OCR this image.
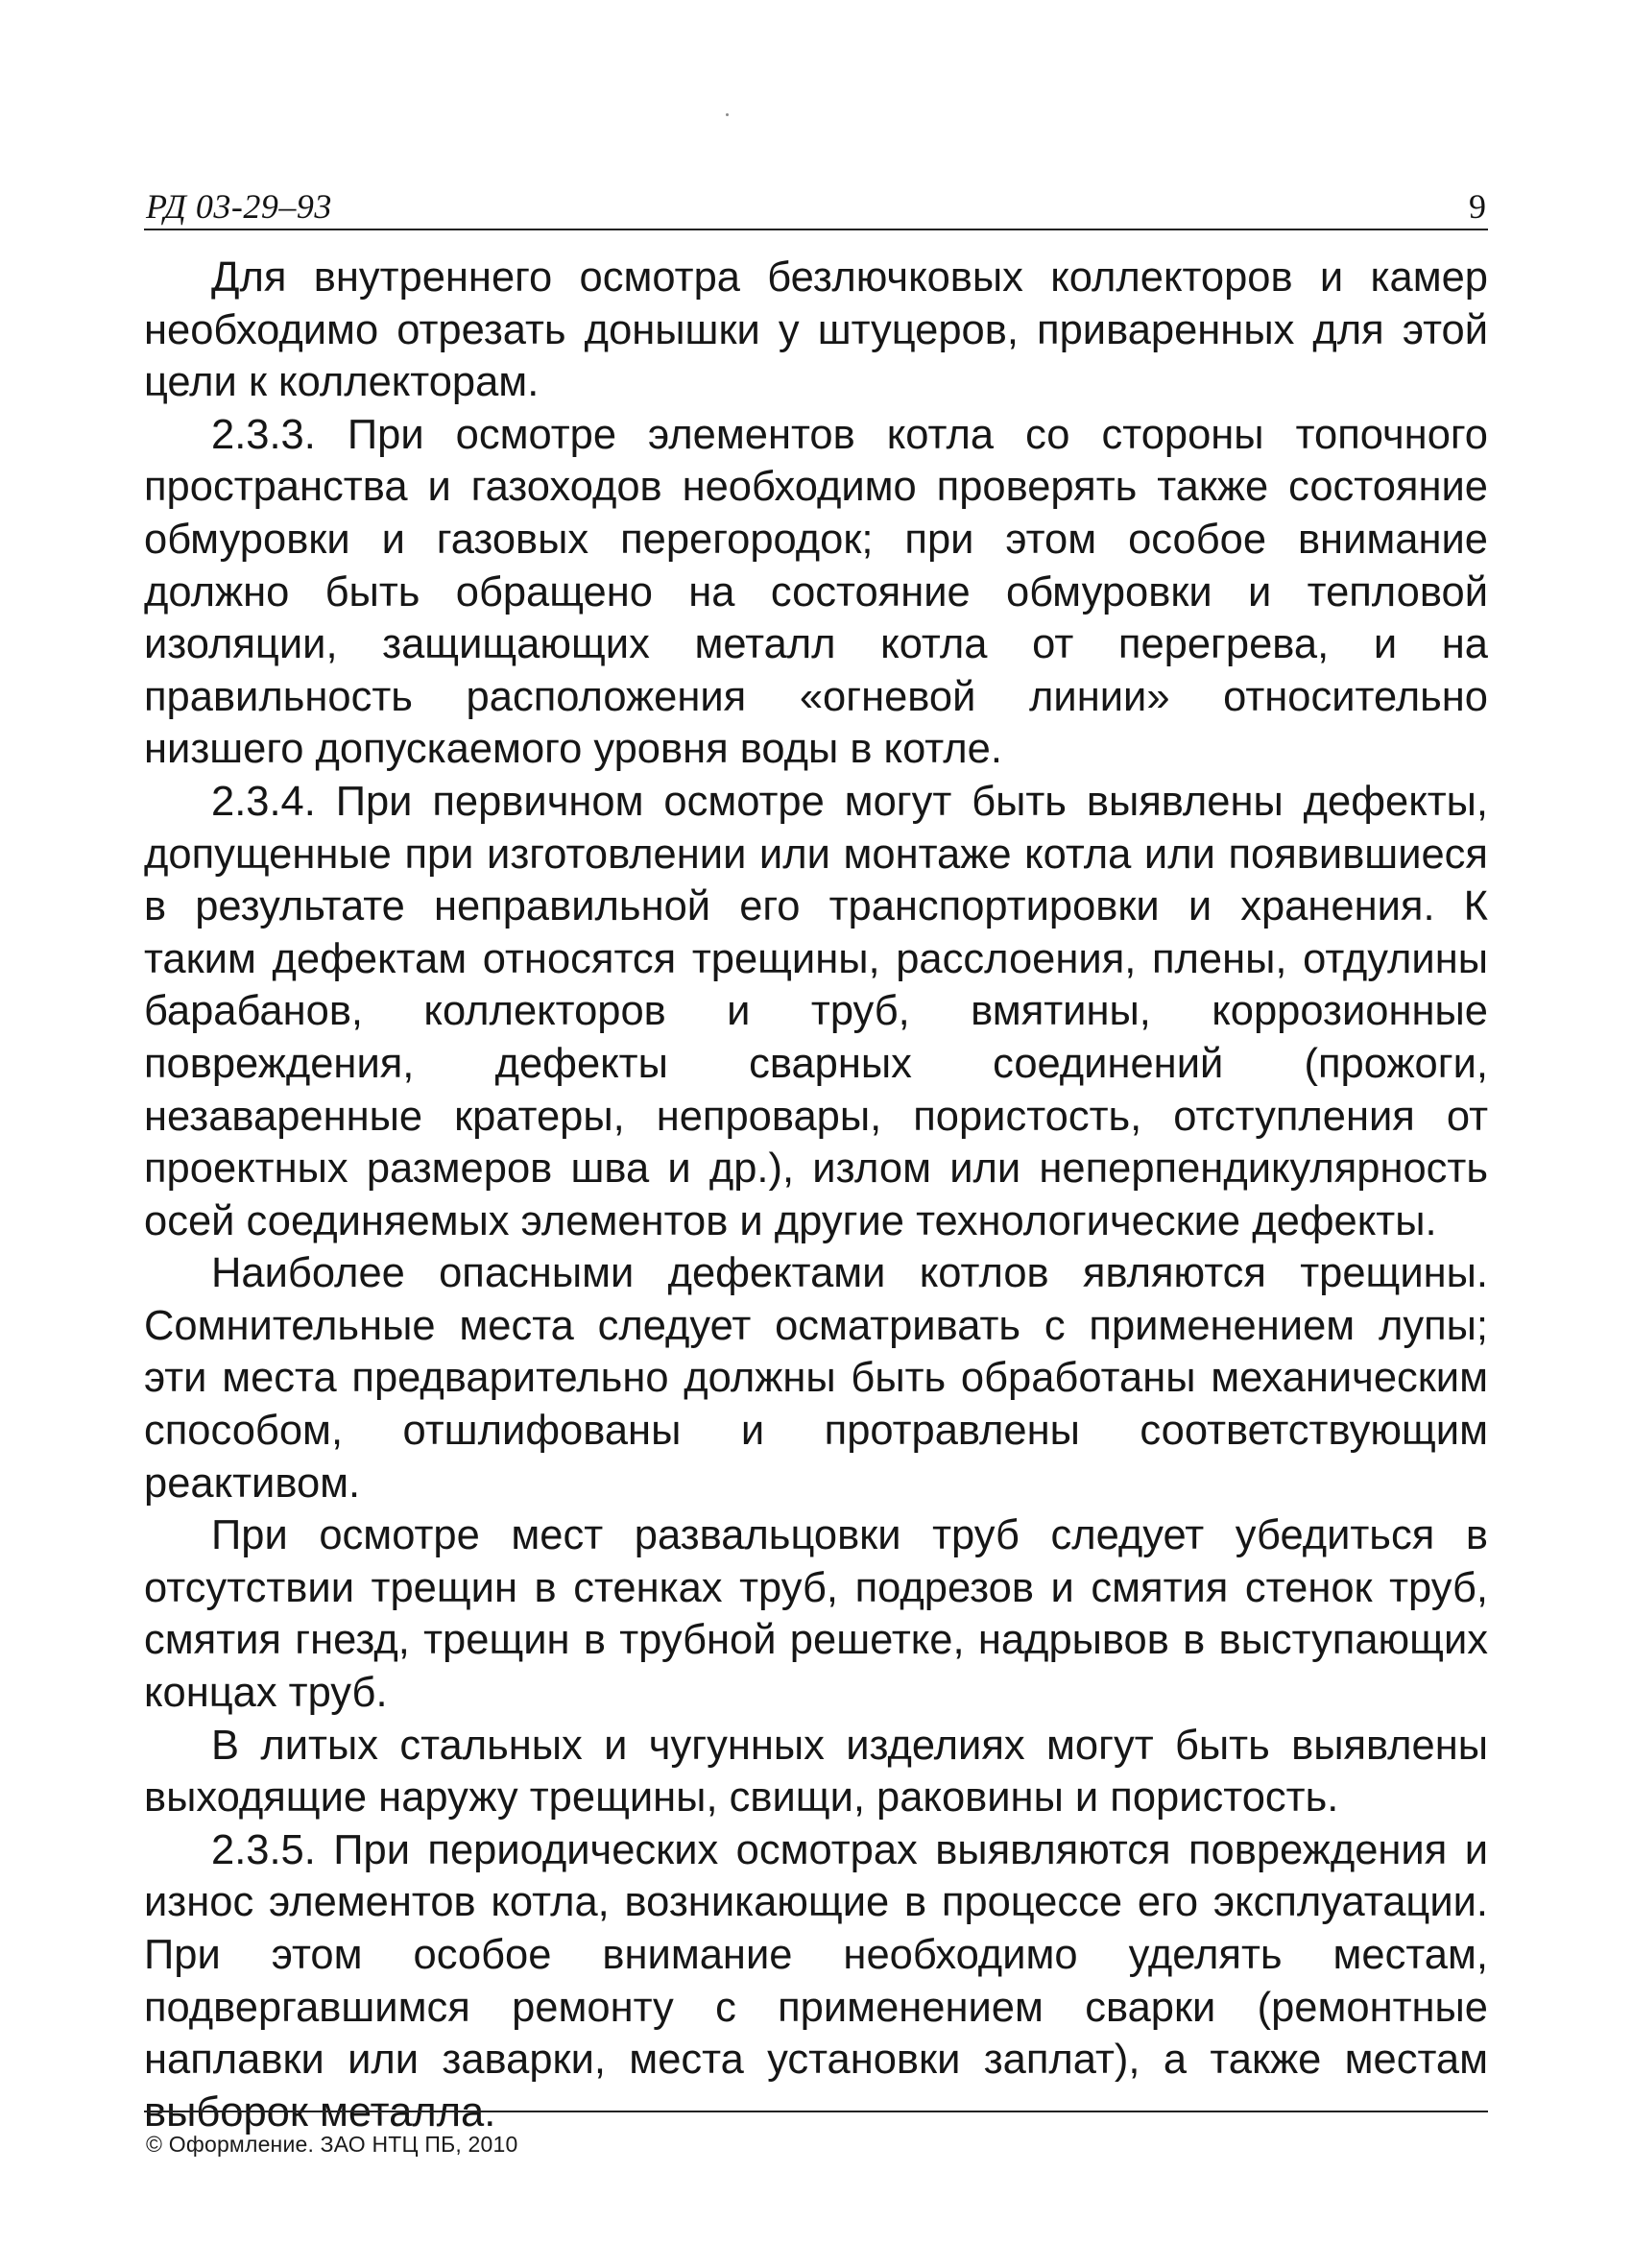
РД 03-29–93	9

Для внутреннего осмотра безлючковых коллекторов и камер необходимо отрезать донышки у штуцеров, приваренных для этой цели к коллекторам.

2.3.3. При осмотре элементов котла со стороны топочного пространства и газоходов необходимо проверять также состояние обмуровки и газовых перегородок; при этом особое внимание должно быть обращено на состояние обмуровки и тепловой изоляции, защищающих металл котла от перегрева, и на правильность расположения «огневой линии» относительно низшего допускаемого уровня воды в котле.

2.3.4. При первичном осмотре могут быть выявлены дефекты, допущенные при изготовлении или монтаже котла или появившиеся в результате неправильной его транспортировки и хранения. К таким дефектам относятся трещины, расслоения, плены, отдулины барабанов, коллекторов и труб, вмятины, коррозионные повреждения, дефекты сварных соединений (прожоги, незаваренные кратеры, непровары, пористость, отступления от проектных размеров шва и др.), излом или неперпендикулярность осей соединяемых элементов и другие технологические дефекты.

Наиболее опасными дефектами котлов являются трещины. Сомнительные места следует осматривать с применением лупы; эти места предварительно должны быть обработаны механическим способом, отшлифованы и протравлены соответствующим реактивом.

При осмотре мест развальцовки труб следует убедиться в отсутствии трещин в стенках труб, подрезов и смятия стенок труб, смятия гнезд, трещин в трубной решетке, надрывов в выступающих концах труб.

В литых стальных и чугунных изделиях могут быть выявлены выходящие наружу трещины, свищи, раковины и пористость.

2.3.5. При периодических осмотрах выявляются повреждения и износ элементов котла, возникающие в процессе его эксплуатации. При этом особое внимание необходимо уделять местам, подвергавшимся ремонту с применением сварки (ремонтные наплавки или заварки, места установки заплат), а также местам выборок металла.

© Оформление. ЗАО НТЦ ПБ, 2010
